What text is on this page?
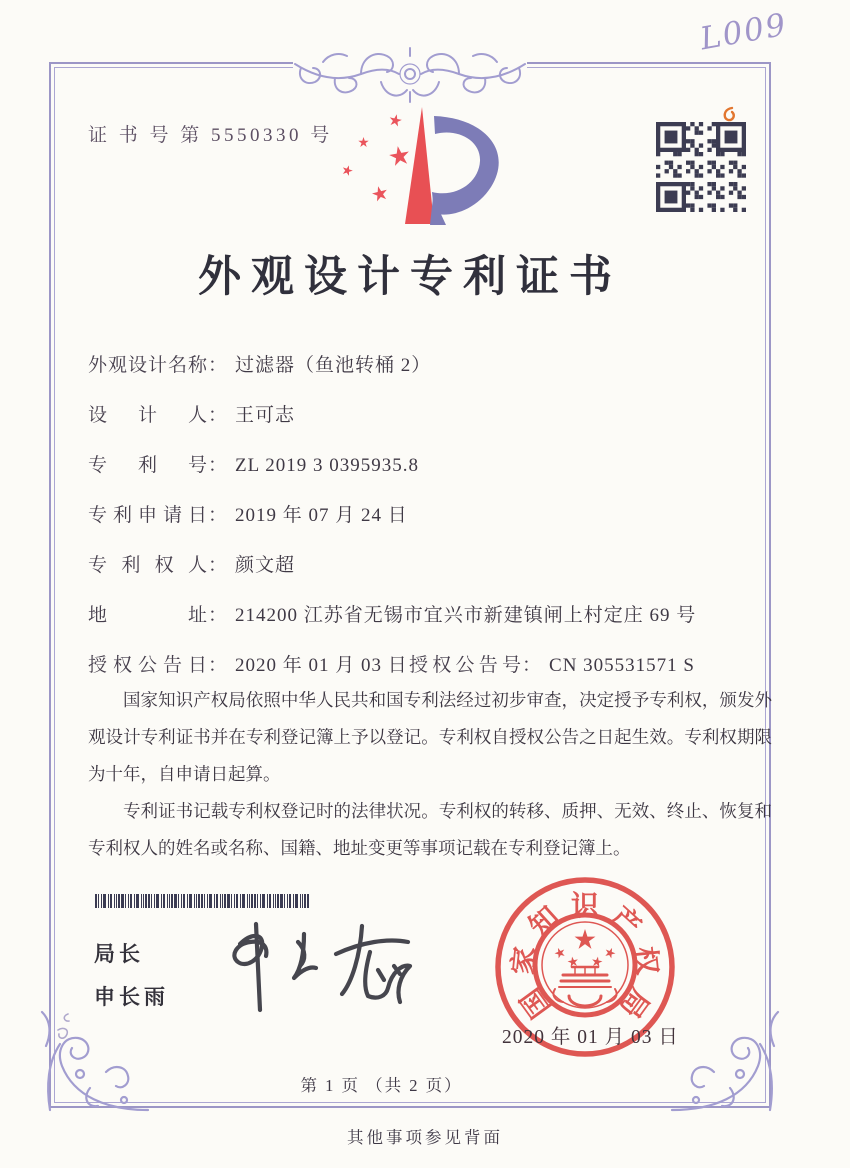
证 书 号 第 5550330 号
L009
外观设计专利证书
外观设计名称： 过滤器（鱼池转桶 2）
设计人： 王可志
专利号： ZL 2019 3 0395935.8
专利申请日： 2019 年 07 月 24 日
专利权人： 颜文超
地址： 214200 江苏省无锡市宜兴市新建镇闸上村定庄 69 号
授权公告日： 2020 年 01 月 03 日 授权公告号： CN 305531571 S

国家知识产权局依照中华人民共和国专利法经过初步审查，决定授予专利权，颁发外观设计专利证书并在专利登记簿上予以登记。专利权自授权公告之日起生效。专利权期限为十年，自申请日起算。

专利证书记载专利权登记时的法律状况。专利权的转移、质押、无效、终止、恢复和专利权人的姓名或名称、国籍、地址变更等事项记载在专利登记簿上。

局长
申长雨	国
家
知 识 产
权
局
2020 年 01 月 03 日
第 1 页 （共 2 页）
其他事项参见背面
